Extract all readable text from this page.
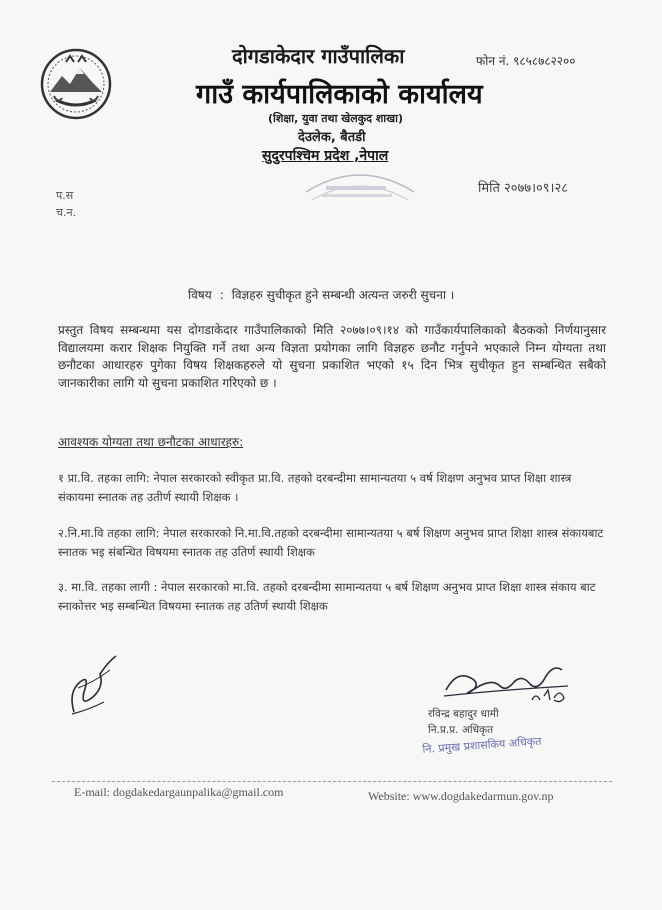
दोगडाकेदार गाउँपालिका	फोन नं. ९८५८७८२२००
गाउँ कार्यपालिकाको कार्यालय
(शिक्षा, युवा तथा खेलकुद शाखा)
देउलेक, बैतडी
सुदुरपश्चिम प्रदेश ,नेपाल
मिति २०७७।०९।२८
प.स
च.न.
विषय : विज्ञहरु सुचीकृत हुने सम्बन्धी अत्यन्त जरुरी सुचना ।

प्रस्तुत विषय सम्बन्धमा यस दोगडाकेदार गाउँपालिकाको मिति २०७७।०९।१४ को गाउँकार्यपालिकाको बैठकको निर्णयानुसार विद्यालयमा करार शिक्षक नियुक्ति गर्ने तथा अन्य विज्ञता प्रयोगका लागि विज्ञहरु छनौट गर्नुपने भएकाले निम्न योग्यता तथा छनौटका आधारहरु पुगेका विषय शिक्षकहरुले यो सुचना प्रकाशित भएको १५ दिन भित्र सुचीकृत हुन सम्बन्धित सबैको जानकारीका लागि यो सुचना प्रकाशित गरिएको छ ।

आवश्यक योग्यता तथा छनौटका आधारहरु:

१ प्रा.वि. तहका लागि: नेपाल सरकारको स्वीकृत प्रा.वि. तहको दरबन्दीमा सामान्यतया ५ वर्ष शिक्षण अनुभव प्राप्त शिक्षा शास्त्र संकायमा स्नातक तह उतीर्ण स्थायी शिक्षक ।

२.नि.मा.वि तहका लागि: नेपाल सरकारको नि.मा.वि.तहको दरबन्दीमा सामान्यतया ५ बर्ष शिक्षण अनुभव प्राप्त शिक्षा शास्त्र संकायबाट स्नातक भइ संबन्धित विषयमा स्नातक तह उतिर्ण स्थायी शिक्षक

३. मा.वि. तहका लागी : नेपाल सरकारको मा.वि. तहको दरबन्दीमा सामान्यतया ५ बर्ष शिक्षण अनुभव प्राप्त शिक्षा शास्त्र संकाय बाट स्नाकोत्तर भइ सम्बन्धित विषयमा स्नातक तह उतिर्ण स्थायी शिक्षक

रविन्द्र बहादुर धामी
नि.प्र.प्र. अधिकृत
नि. प्रमुख प्रशासकिय अधिकृत
E-mail: dogdakedargaunpalika@gmail.com	Website: www.dogdakedarmun.gov.np
